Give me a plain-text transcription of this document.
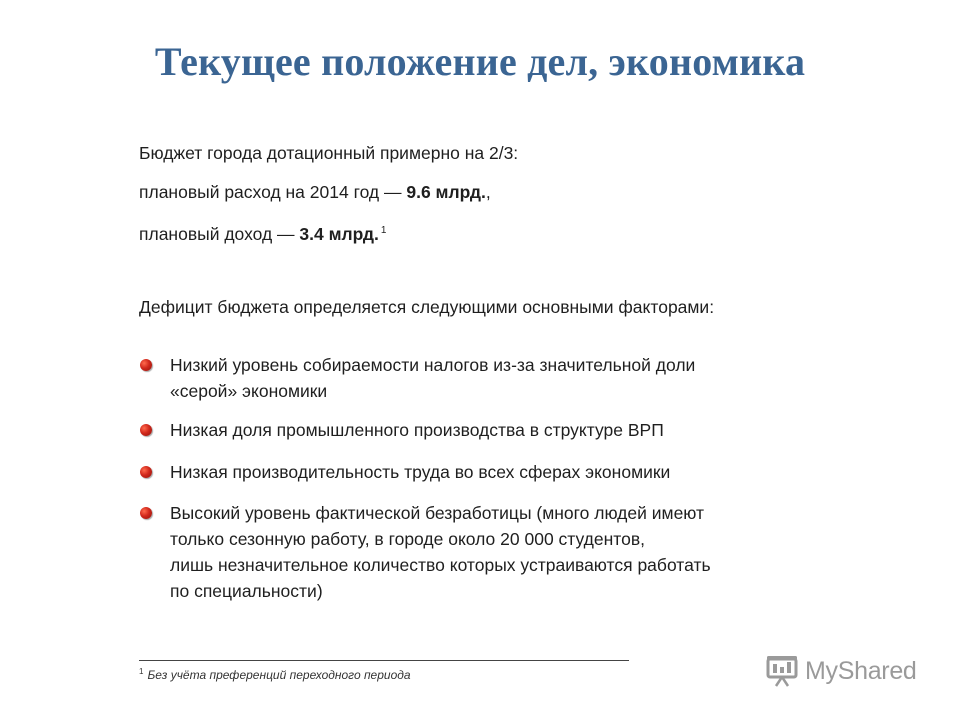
Текущее положение дел, экономика

Бюджет города дотационный примерно на 2/3:

плановый расход на 2014 год — 9.6 млрд.,

плановый доход — 3.4 млрд. $^1$

Дефицит бюджета определяется следующими основными факторами:
Низкий уровень собираемости налогов из-за значительной доли
«серой» экономики
Низкая доля промышленного производства в структуре ВРП
Низкая производительность труда во всех сферах экономики
Высокий уровень фактической безработицы (много людей имеют
только сезонную работу, в городе около 20 000 студентов,
лишь незначительное количество которых устраиваются работать
по специальности)
$^1$ Без учёта преференций переходного периода	MyShared
